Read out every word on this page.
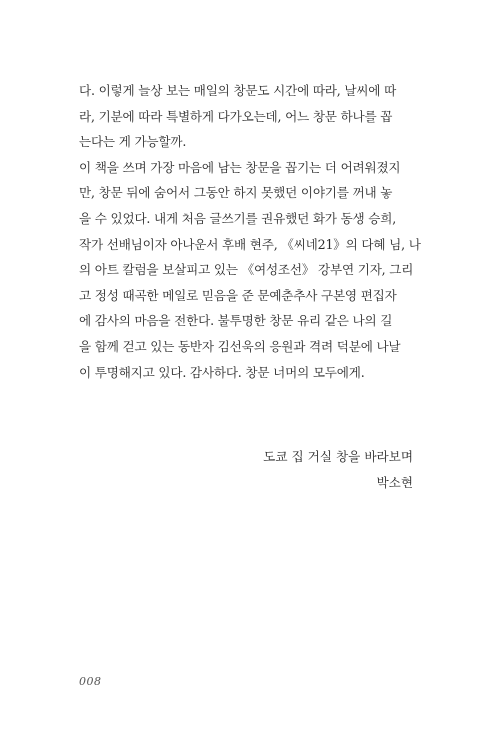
다. 이렇게 늘상 보는 매일의 창문도 시간에 따라, 날씨에 따
라, 기분에 따라 특별하게 다가오는데, 어느 창문 하나를 꼽
는다는 게 가능할까.
이 책을 쓰며 가장 마음에 남는 창문을 꼽기는 더 어려워졌지
만, 창문 뒤에 숨어서 그동안 하지 못했던 이야기를 꺼내 놓
을 수 있었다. 내게 처음 글쓰기를 권유했던 화가 동생 승희,
작가 선배님이자 아나운서 후배 현주, 《씨네21》의 다혜 님, 나
의 아트 칼럼을 보살피고 있는 《여성조선》 강부연 기자, 그리
고 정성 때곡한 메일로 믿음을 준 문예춘추사 구본영 편집자
에 감사의 마음을 전한다. 불투명한 창문 유리 같은 나의 길
을 함께 걷고 있는 동반자 김선욱의 응원과 격려 덕분에 나날
이 투명해지고 있다. 감사하다. 창문 너머의 모두에게.
도쿄 집 거실 창을 바라보며
박소현
008
